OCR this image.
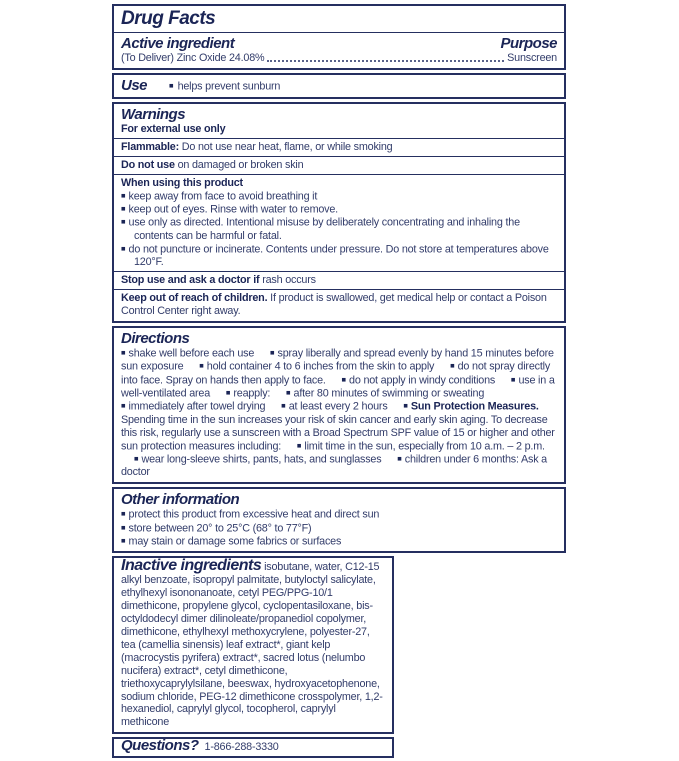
Drug Facts
Active ingredient	Purpose
(To Deliver) Zinc Oxide 24.08%	Sunscreen
Use	■ helps prevent sunburn
Warnings
For external use only
Flammable: Do not use near heat, flame, or while smoking
Do not use on damaged or broken skin
When using this product
■ keep away from face to avoid breathing it
■ keep out of eyes. Rinse with water to remove.
■ use only as directed. Intentional misuse by deliberately concentrating and inhaling the contents can be harmful or fatal.
■ do not puncture or incinerate. Contents under pressure. Do not store at temperatures above 120°F.
Stop use and ask a doctor if rash occurs
Keep out of reach of children. If product is swallowed, get medical help or contact a Poison Control Center right away.
Directions

■ shake well before each use ■ spray liberally and spread evenly by hand 15 minutes before sun exposure ■ hold container 4 to 6 inches from the skin to apply ■ do not spray directly into face. Spray on hands then apply to face. ■ do not apply in windy conditions ■ use in a well-ventilated area ■ reapply: ■ after 80 minutes of swimming or sweating ■ immediately after towel drying ■ at least every 2 hours ■ Sun Protection Measures. Spending time in the sun increases your risk of skin cancer and early skin aging. To decrease this risk, regularly use a sunscreen with a Broad Spectrum SPF value of 15 or higher and other sun protection measures including: ■ limit time in the sun, especially from 10 a.m. – 2 p.m. ■ wear long-sleeve shirts, pants, hats, and sunglasses ■ children under 6 months: Ask a doctor

Other information
■ protect this product from excessive heat and direct sun
■ store between 20° to 25°C (68° to 77°F)
■ may stain or damage some fabrics or surfaces

Inactive ingredients isobutane, water, C12-15 alkyl benzoate, isopropyl palmitate, butyloctyl salicylate, ethylhexyl isononanoate, cetyl PEG/PPG-10/1 dimethicone, propylene glycol, cyclopentasiloxane, bis-octyldodecyl dimer dilinoleate/propanediol copolymer, dimethicone, ethylhexyl methoxycrylene, polyester-27, tea (camellia sinensis) leaf extract*, giant kelp (macrocystis pyrifera) extract*, sacred lotus (nelumbo nucifera) extract*, cetyl dimethicone, triethoxycaprylylsilane, beeswax, hydroxyacetophenone, sodium chloride, PEG-12 dimethicone crosspolymer, 1,2-hexanediol, caprylyl glycol, tocopherol, caprylyl methicone

Questions? 1-866-288-3330
